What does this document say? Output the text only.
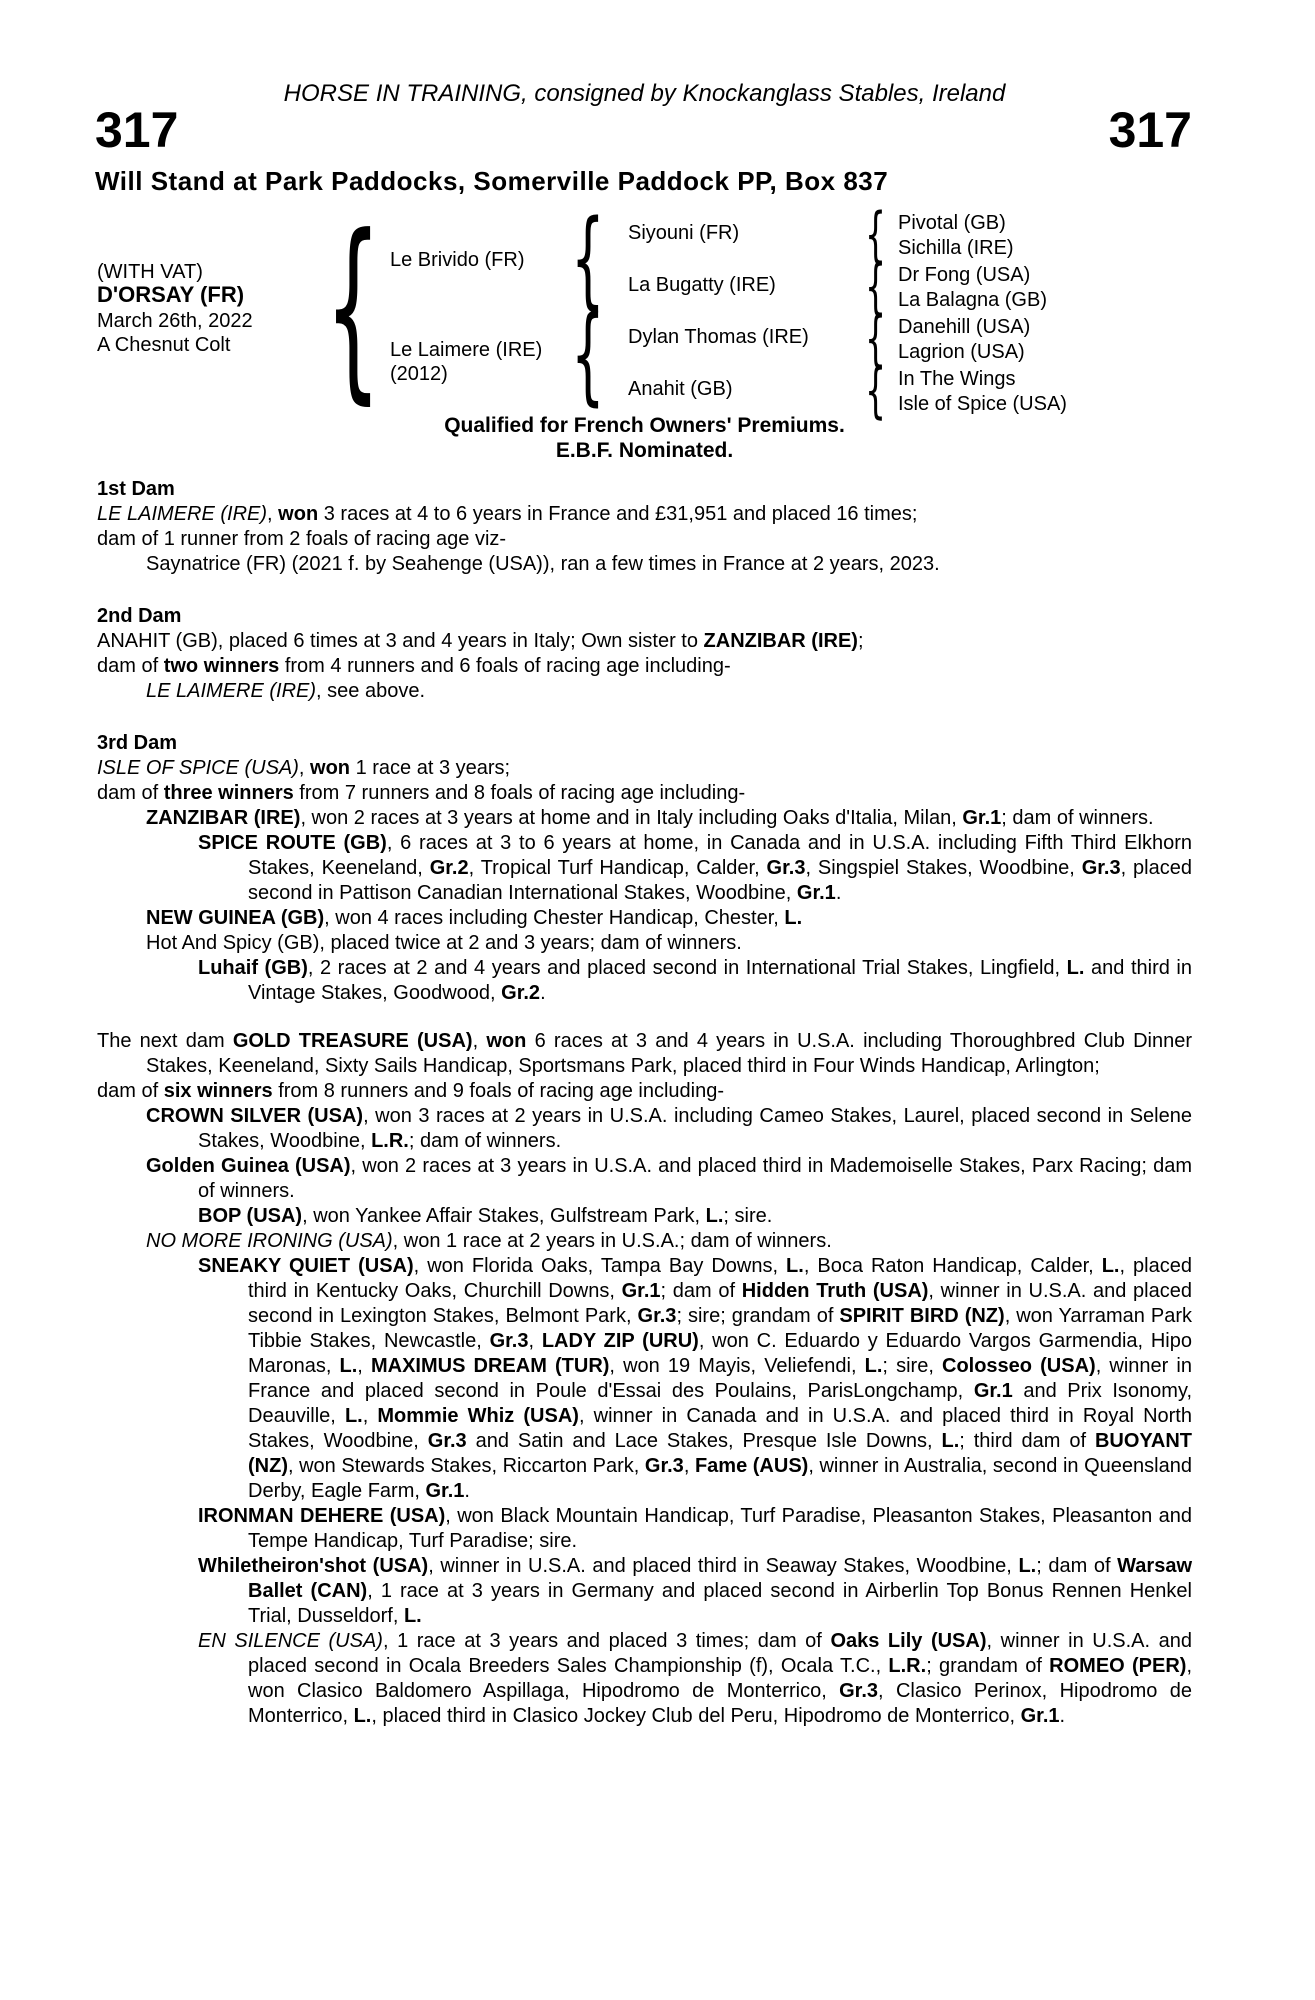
HORSE IN TRAINING, consigned by Knockanglass Stables, Ireland
317	317
Will Stand at Park Paddocks, Somerville Paddock PP, Box 837
(WITH VAT)
D'ORSAY (FR)
March 26th, 2022
A Chesnut Colt { Le Brivido (FR)
Le Laimere (IRE)
(2012)
{
{
Siyouni (FR)
La Bugatty (IRE)
Dylan Thomas (IRE)
Anahit (GB)
{
{
{
{
Pivotal (GB)
Sichilla (IRE)
Dr Fong (USA)
La Balagna (GB)
Danehill (USA)
Lagrion (USA)
In The Wings
Isle of Spice (USA)
Qualified for French Owners' Premiums.
E.B.F. Nominated.
1st Dam
LE LAIMERE (IRE), won 3 races at 4 to 6 years in France and £31,951 and placed 16 times;
dam of 1 runner from 2 foals of racing age viz-
Saynatrice (FR) (2021 f. by Seahenge (USA)), ran a few times in France at 2 years, 2023.
2nd Dam
ANAHIT (GB), placed 6 times at 3 and 4 years in Italy; Own sister to ZANZIBAR (IRE);
dam of two winners from 4 runners and 6 foals of racing age including-
LE LAIMERE (IRE), see above.
3rd Dam
ISLE OF SPICE (USA), won 1 race at 3 years;
dam of three winners from 7 runners and 8 foals of racing age including-
ZANZIBAR (IRE), won 2 races at 3 years at home and in Italy including Oaks d'Italia, Milan, Gr.1; dam of winners.
SPICE ROUTE (GB), 6 races at 3 to 6 years at home, in Canada and in U.S.A. including Fifth Third Elkhorn Stakes, Keeneland, Gr.2, Tropical Turf Handicap, Calder, Gr.3, Singspiel Stakes, Woodbine, Gr.3, placed second in Pattison Canadian International Stakes, Woodbine, Gr.1.
NEW GUINEA (GB), won 4 races including Chester Handicap, Chester, L.
Hot And Spicy (GB), placed twice at 2 and 3 years; dam of winners.
Luhaif (GB), 2 races at 2 and 4 years and placed second in International Trial Stakes, Lingfield, L. and third in Vintage Stakes, Goodwood, Gr.2.
The next dam GOLD TREASURE (USA), won 6 races at 3 and 4 years in U.S.A. including Thoroughbred Club Dinner Stakes, Keeneland, Sixty Sails Handicap, Sportsmans Park, placed third in Four Winds Handicap, Arlington;
dam of six winners from 8 runners and 9 foals of racing age including-
CROWN SILVER (USA), won 3 races at 2 years in U.S.A. including Cameo Stakes, Laurel, placed second in Selene Stakes, Woodbine, L.R.; dam of winners.
Golden Guinea (USA), won 2 races at 3 years in U.S.A. and placed third in Mademoiselle Stakes, Parx Racing; dam of winners.
BOP (USA), won Yankee Affair Stakes, Gulfstream Park, L.; sire.
NO MORE IRONING (USA), won 1 race at 2 years in U.S.A.; dam of winners.
SNEAKY QUIET (USA), won Florida Oaks, Tampa Bay Downs, L., Boca Raton Handicap, Calder, L., placed third in Kentucky Oaks, Churchill Downs, Gr.1; dam of Hidden Truth (USA), winner in U.S.A. and placed second in Lexington Stakes, Belmont Park, Gr.3; sire; grandam of SPIRIT BIRD (NZ), won Yarraman Park Tibbie Stakes, Newcastle, Gr.3, LADY ZIP (URU), won C. Eduardo y Eduardo Vargos Garmendia, Hipo Maronas, L., MAXIMUS DREAM (TUR), won 19 Mayis, Veliefendi, L.; sire, Colosseo (USA), winner in France and placed second in Poule d'Essai des Poulains, ParisLongchamp, Gr.1 and Prix Isonomy, Deauville, L., Mommie Whiz (USA), winner in Canada and in U.S.A. and placed third in Royal North Stakes, Woodbine, Gr.3 and Satin and Lace Stakes, Presque Isle Downs, L.; third dam of BUOYANT (NZ), won Stewards Stakes, Riccarton Park, Gr.3, Fame (AUS), winner in Australia, second in Queensland Derby, Eagle Farm, Gr.1.
IRONMAN DEHERE (USA), won Black Mountain Handicap, Turf Paradise, Pleasanton Stakes, Pleasanton and Tempe Handicap, Turf Paradise; sire.
Whiletheiron'shot (USA), winner in U.S.A. and placed third in Seaway Stakes, Woodbine, L.; dam of Warsaw Ballet (CAN), 1 race at 3 years in Germany and placed second in Airberlin Top Bonus Rennen Henkel Trial, Dusseldorf, L.
EN SILENCE (USA), 1 race at 3 years and placed 3 times; dam of Oaks Lily (USA), winner in U.S.A. and placed second in Ocala Breeders Sales Championship (f), Ocala T.C., L.R.; grandam of ROMEO (PER), won Clasico Baldomero Aspillaga, Hipodromo de Monterrico, Gr.3, Clasico Perinox, Hipodromo de Monterrico, L., placed third in Clasico Jockey Club del Peru, Hipodromo de Monterrico, Gr.1.
